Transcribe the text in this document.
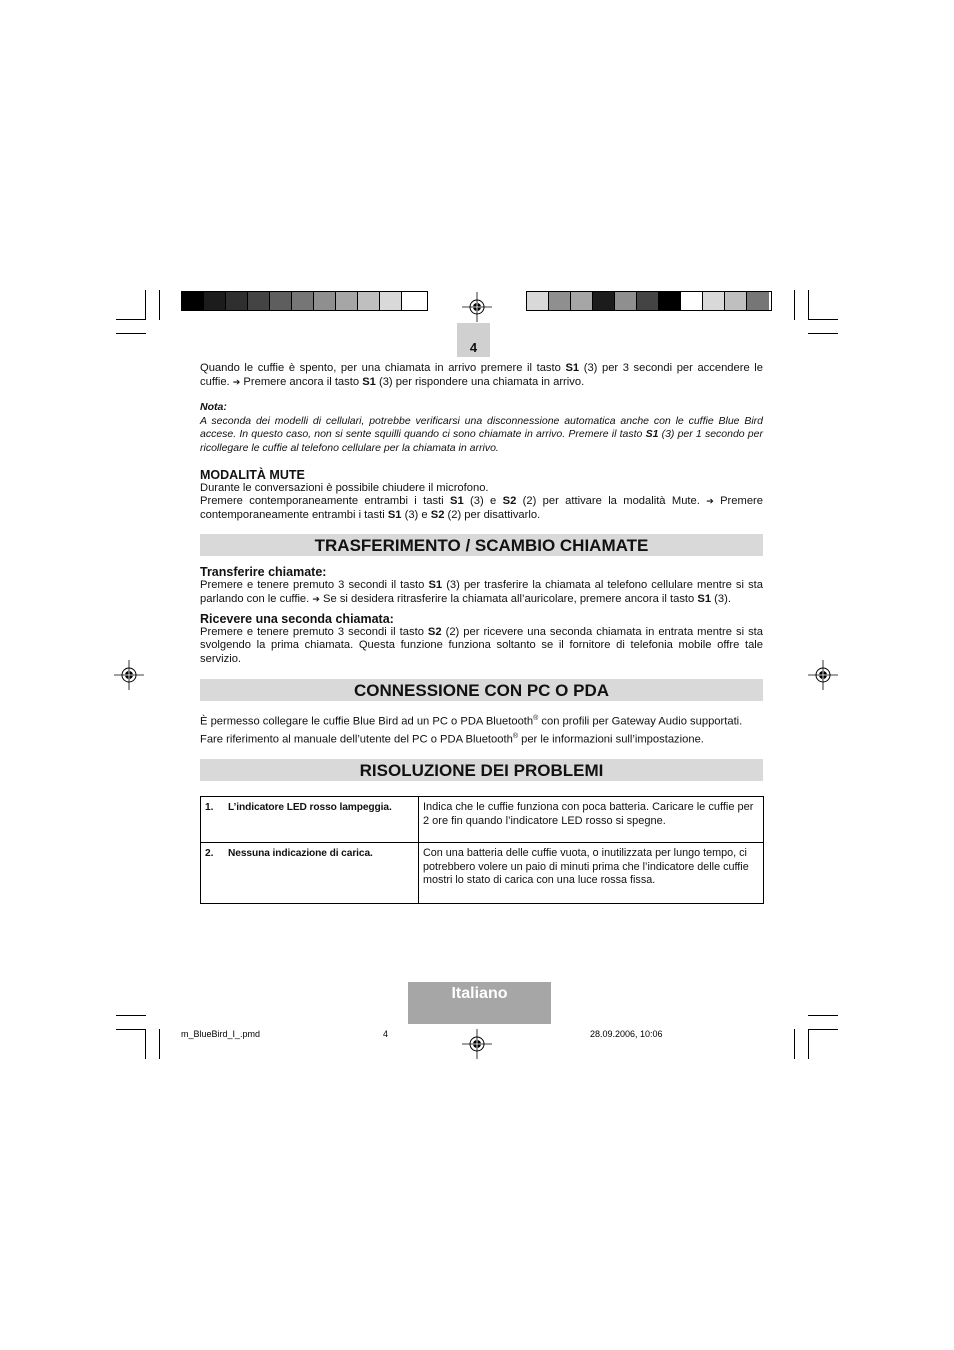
4

Quando le cuffie è spento, per una chiamata in arrivo premere il tasto S1 (3) per 3 secondi per accendere le cuffie. ➔ Premere ancora il tasto S1 (3) per rispondere una chiamata in arrivo.

Nota:

A seconda dei modelli di cellulari, potrebbe verificarsi una disconnessione automatica anche con le cuffie Blue Bird accese. In questo caso, non si sente squilli quando ci sono chiamate in arrivo. Premere il tasto S1 (3) per 1 secondo per ricollegare le cuffie al telefono cellulare per la chiamata in arrivo.

MODALITÀ MUTE

Durante le conversazioni è possibile chiudere il microfono.

Premere contemporaneamente entrambi i tasti S1 (3) e S2 (2) per attivare la modalità Mute. ➔ Premere contemporaneamente entrambi i tasti S1 (3) e S2 (2) per disattivarlo.

TRASFERIMENTO / SCAMBIO CHIAMATE
Transferire chiamate:

Premere e tenere premuto 3 secondi il tasto S1 (3) per trasferire la chiamata al telefono cellulare mentre si sta parlando con le cuffie. ➔ Se si desidera ritrasferire la chiamata all’auricolare, premere ancora il tasto S1 (3).

Ricevere una seconda chiamata:

Premere e tenere premuto 3 secondi il tasto S2 (2) per ricevere una seconda chiamata in entrata mentre si sta svolgendo la prima chiamata. Questa funzione funziona soltanto se il fornitore di telefonia mobile offre tale servizio.

CONNESSIONE CON PC O PDA

È permesso collegare le cuffie Blue Bird ad un PC o PDA Bluetooth® con profili per Gateway Audio supportati.
Fare riferimento al manuale dell’utente del PC o PDA Bluetooth® per le informazioni sull’impostazione.

RISOLUZIONE DEI PROBLEMI
1. L’indicatore LED rosso lampeggia.	Indica che le cuffie funziona con poca batteria. Caricare le cuffie per 2 ore fin quando l’indicatore LED rosso si spegne.
2. Nessuna indicazione di carica.	Con una batteria delle cuffie vuota, o inutilizzata per lungo tempo, ci potrebbero volere un paio di minuti prima che l’indicatore delle cuffie mostri lo stato di carica con una luce rossa fissa.
Italiano
m_BlueBird_I_.pmd	4	28.09.2006, 10:06
